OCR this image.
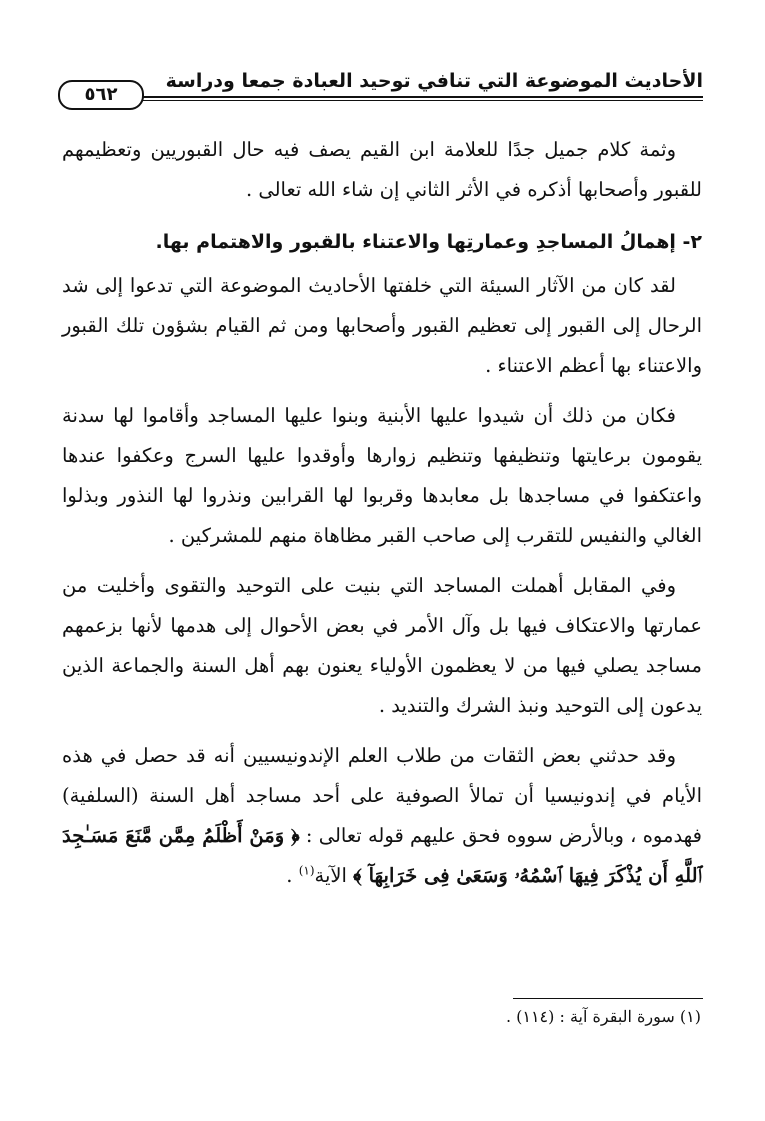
الأحاديث الموضوعة التي تنافي توحيد العبادة جمعا ودراسة
٥٦٢

وثمة كلام جميل جدًا للعلامة ابن القيم يصف فيه حال القبوريين وتعظيمهم للقبور وأصحابها أذكره في الأثر الثاني إن شاء الله تعالى .

٢- إهمالُ المساجدِ وعمارتِها والاعتناء بالقبور والاهتمام بها.

لقد كان من الآثار السيئة التي خلفتها الأحاديث الموضوعة التي تدعوا إلى شد الرحال إلى القبور إلى تعظيم القبور وأصحابها ومن ثم القيام بشؤون تلك القبور والاعتناء بها أعظم الاعتناء .

فكان من ذلك أن شيدوا عليها الأبنية وبنوا عليها المساجد وأقاموا لها سدنة يقومون برعايتها وتنظيفها وتنظيم زوارها وأوقدوا عليها السرج وعكفوا عندها واعتكفوا في مساجدها بل معابدها وقربوا لها القرابين ونذروا لها النذور وبذلوا الغالي والنفيس للتقرب إلى صاحب القبر مظاهاة منهم للمشركين .

وفي المقابل أهملت المساجد التي بنيت على التوحيد والتقوى وأخليت من عمارتها والاعتكاف فيها بل وآل الأمر في بعض الأحوال إلى هدمها لأنها بزعمهم مساجد يصلي فيها من لا يعظمون الأولياء يعنون بهم أهل السنة والجماعة الذين يدعون إلى التوحيد ونبذ الشرك والتنديد .

وقد حدثني بعض الثقات من طلاب العلم الإندونيسيين أنه قد حصل في هذه الأيام في إندونيسيا أن تمالأ الصوفية على أحد مساجد أهل السنة (السلفية) فهدموه ، وبالأرض سووه فحق عليهم قوله تعالى : ﴿ وَمَنْ أَظْلَمُ مِمَّن مَّنَعَ مَسَـٰجِدَ ٱللَّهِ أَن يُذْكَرَ فِيهَا ٱسْمُهُۥ وَسَعَىٰ فِى خَرَابِهَآ ﴾ الآية$^{(١)}$ .

(١) سورة البقرة آية : (١١٤) .
